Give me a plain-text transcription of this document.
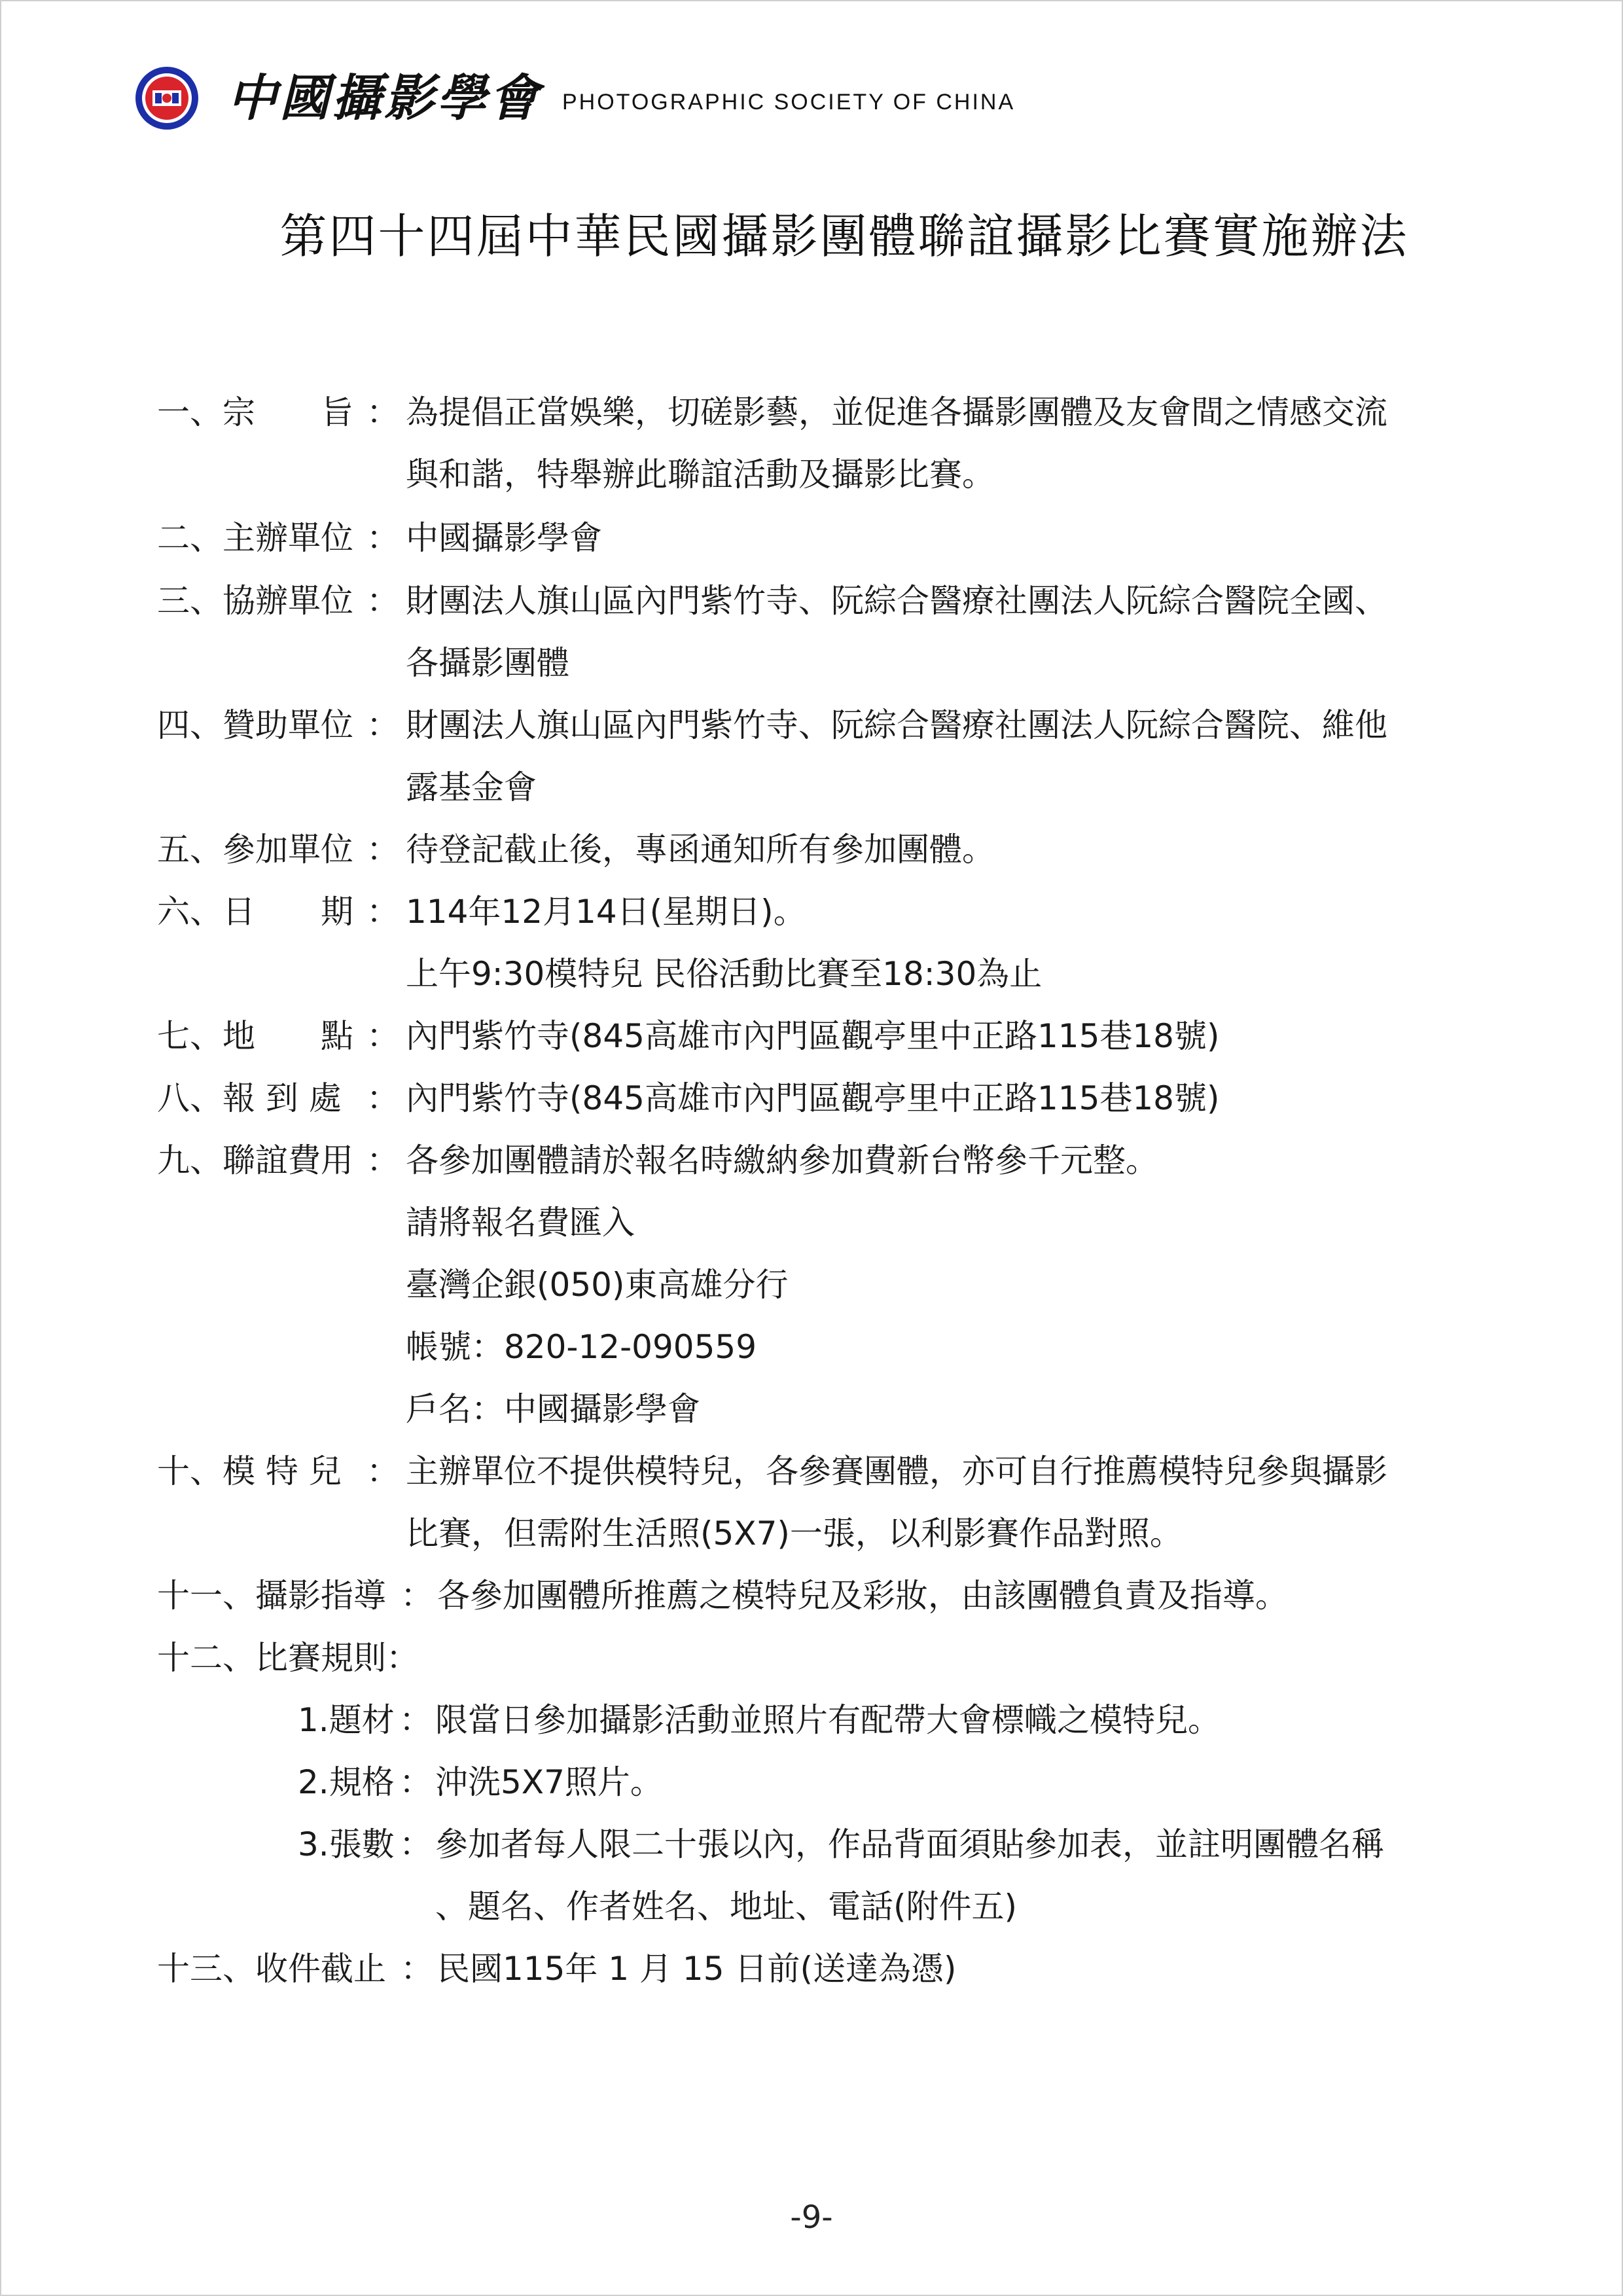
中國攝影學會 PHOTOGRAPHIC SOCIETY OF CHINA
第四十四屆中華民國攝影團體聯誼攝影比賽實施辦法
一、宗　　旨 ： 為提倡正當娛樂，切磋影藝，並促進各攝影團體及友會間之情感交流
與和諧，特舉辦此聯誼活動及攝影比賽。
二、主辦單位 ： 中國攝影學會
三、協辦單位 ： 財團法人旗山區內門紫竹寺、阮綜合醫療社團法人阮綜合醫院全國、
各攝影團體
四、贊助單位 ： 財團法人旗山區內門紫竹寺、阮綜合醫療社團法人阮綜合醫院、維他
露基金會
五、參加單位 ： 待登記截止後，專函通知所有參加團體。
六、日　　期 ： 114年12月14日(星期日)。
上午9:30模特兒 民俗活動比賽至18:30為止
七、地　　點 ： 內門紫竹寺(845高雄市內門區觀亭里中正路115巷18號)
八、報 到 處 ： 內門紫竹寺(845高雄市內門區觀亭里中正路115巷18號)
九、聯誼費用 ： 各參加團體請於報名時繳納參加費新台幣參千元整。
請將報名費匯入
臺灣企銀(050)東高雄分行
帳號：820-12-090559
戶名：中國攝影學會
十、模 特 兒 ： 主辦單位不提供模特兒，各參賽團體，亦可自行推薦模特兒參與攝影
比賽，但需附生活照(5X7)一張，以利影賽作品對照。
十一、攝影指導 ： 各參加團體所推薦之模特兒及彩妝，由該團體負責及指導。
十二、比賽規則：
1.題材 ： 限當日參加攝影活動並照片有配帶大會標幟之模特兒。
2.規格 ： 沖洗5X7照片。
3.張數 ： 參加者每人限二十張以內，作品背面須貼參加表，並註明團體名稱
、題名、作者姓名、地址、電話(附件五)
十三、收件截止 ： 民國115年 1 月 15 日前(送達為憑)
-9-
